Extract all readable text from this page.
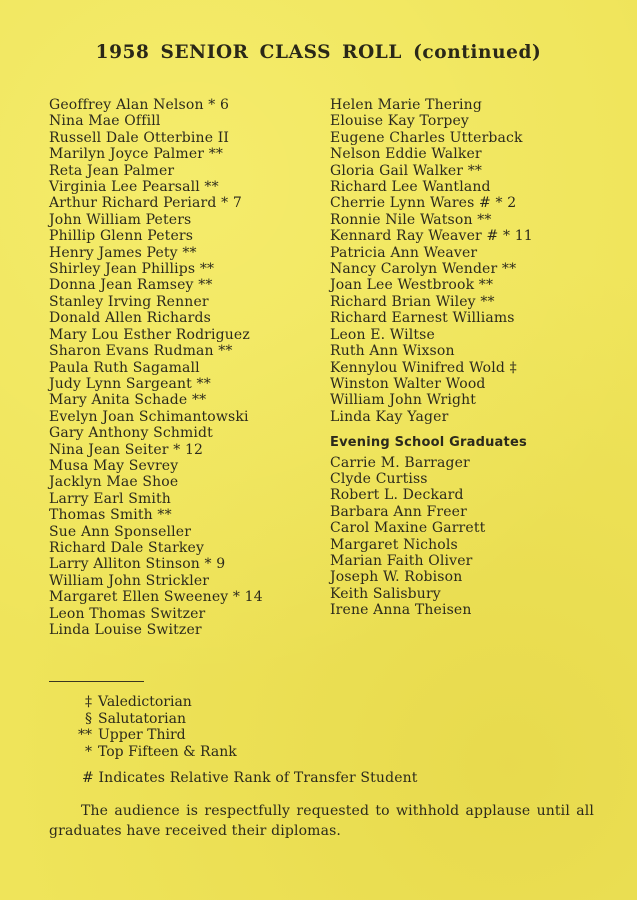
1958 SENIOR CLASS ROLL (continued)
Geoffrey Alan Nelson * 6
Nina Mae Offill
Russell Dale Otterbine II
Marilyn Joyce Palmer **
Reta Jean Palmer
Virginia Lee Pearsall **
Arthur Richard Periard * 7
John William Peters
Phillip Glenn Peters
Henry James Pety **
Shirley Jean Phillips **
Donna Jean Ramsey **
Stanley Irving Renner
Donald Allen Richards
Mary Lou Esther Rodriguez
Sharon Evans Rudman **
Paula Ruth Sagamall
Judy Lynn Sargeant **
Mary Anita Schade **
Evelyn Joan Schimantowski
Gary Anthony Schmidt
Nina Jean Seiter * 12
Musa May Sevrey
Jacklyn Mae Shoe
Larry Earl Smith
Thomas Smith **
Sue Ann Sponseller
Richard Dale Starkey
Larry Alliton Stinson * 9
William John Strickler
Margaret Ellen Sweeney * 14
Leon Thomas Switzer
Linda Louise Switzer
Helen Marie Thering
Elouise Kay Torpey
Eugene Charles Utterback
Nelson Eddie Walker
Gloria Gail Walker **
Richard Lee Wantland
Cherrie Lynn Wares # * 2
Ronnie Nile Watson **
Kennard Ray Weaver # * 11
Patricia Ann Weaver
Nancy Carolyn Wender **
Joan Lee Westbrook **
Richard Brian Wiley **
Richard Earnest Williams
Leon E. Wiltse
Ruth Ann Wixson
Kennylou Winifred Wold ‡
Winston Walter Wood
William John Wright
Linda Kay Yager
Evening School Graduates
Carrie M. Barrager
Clyde Curtiss
Robert L. Deckard
Barbara Ann Freer
Carol Maxine Garrett
Margaret Nichols
Marian Faith Oliver
Joseph W. Robison
Keith Salisbury
Irene Anna Theisen
‡ Valedictorian
§ Salutatorian
** Upper Third
* Top Fifteen & Rank
# Indicates Relative Rank of Transfer Student
The audience is respectfully requested to withhold applause until all graduates have received their diplomas.
